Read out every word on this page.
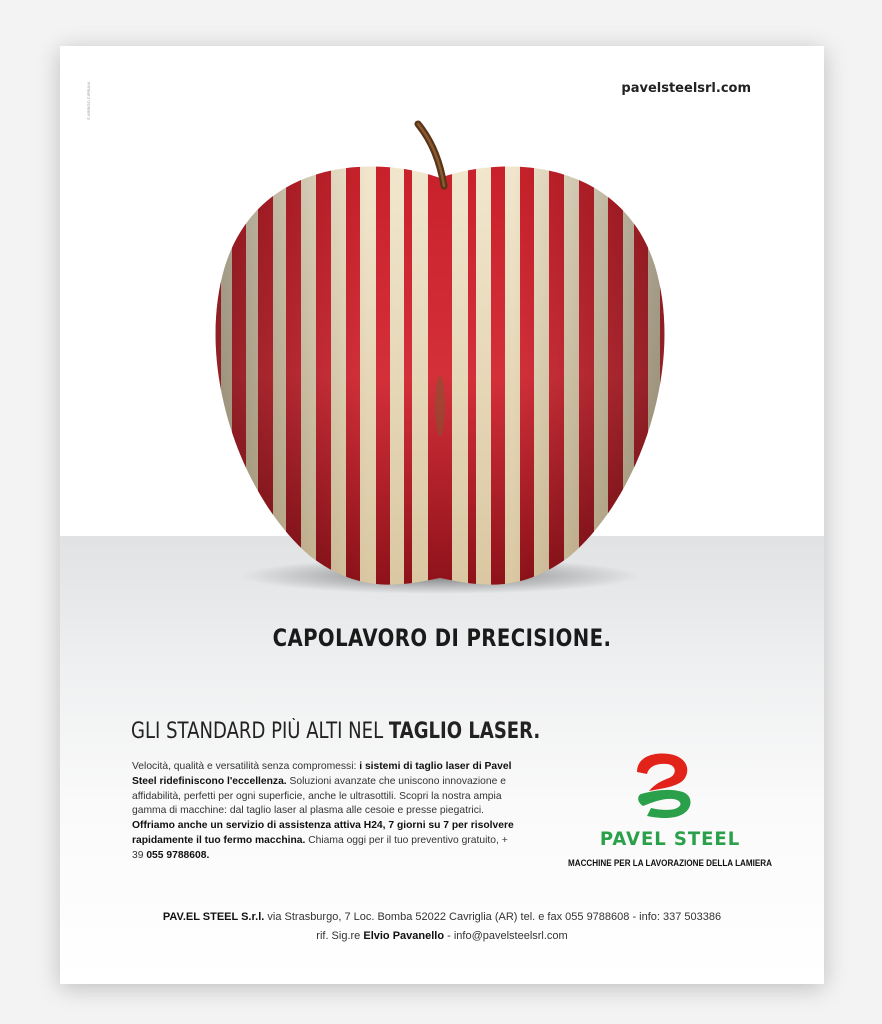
© ARRIGO CIPRIANI	pavelsteelsrl.com
CAPOLAVORO DI PRECISIONE.
GLI STANDARD PIÙ ALTI NEL TAGLIO LASER.
Velocità, qualità e versatilità senza compromessi: i sistemi di taglio laser di Pavel Steel ridefiniscono l'eccellenza. Soluzioni avanzate che uniscono innovazione e affidabilità, perfetti per ogni superficie, anche le ultrasottili. Scopri la nostra ampia gamma di macchine: dal taglio laser al plasma alle cesoie e presse piegatrici. Offriamo anche un servizio di assistenza attiva H24, 7 giorni su 7 per risolvere rapidamente il tuo fermo macchina. Chiama oggi per il tuo preventivo gratuito, + 39 055 9788608.
PAVEL STEEL
MACCHINE PER LA LAVORAZIONE DELLA LAMIERA
PAV.EL STEEL S.r.l. via Strasburgo, 7 Loc. Bomba 52022 Cavriglia (AR) tel. e fax 055 9788608 - info: 337 503386
rif. Sig.re Elvio Pavanello - info@pavelsteelsrl.com
